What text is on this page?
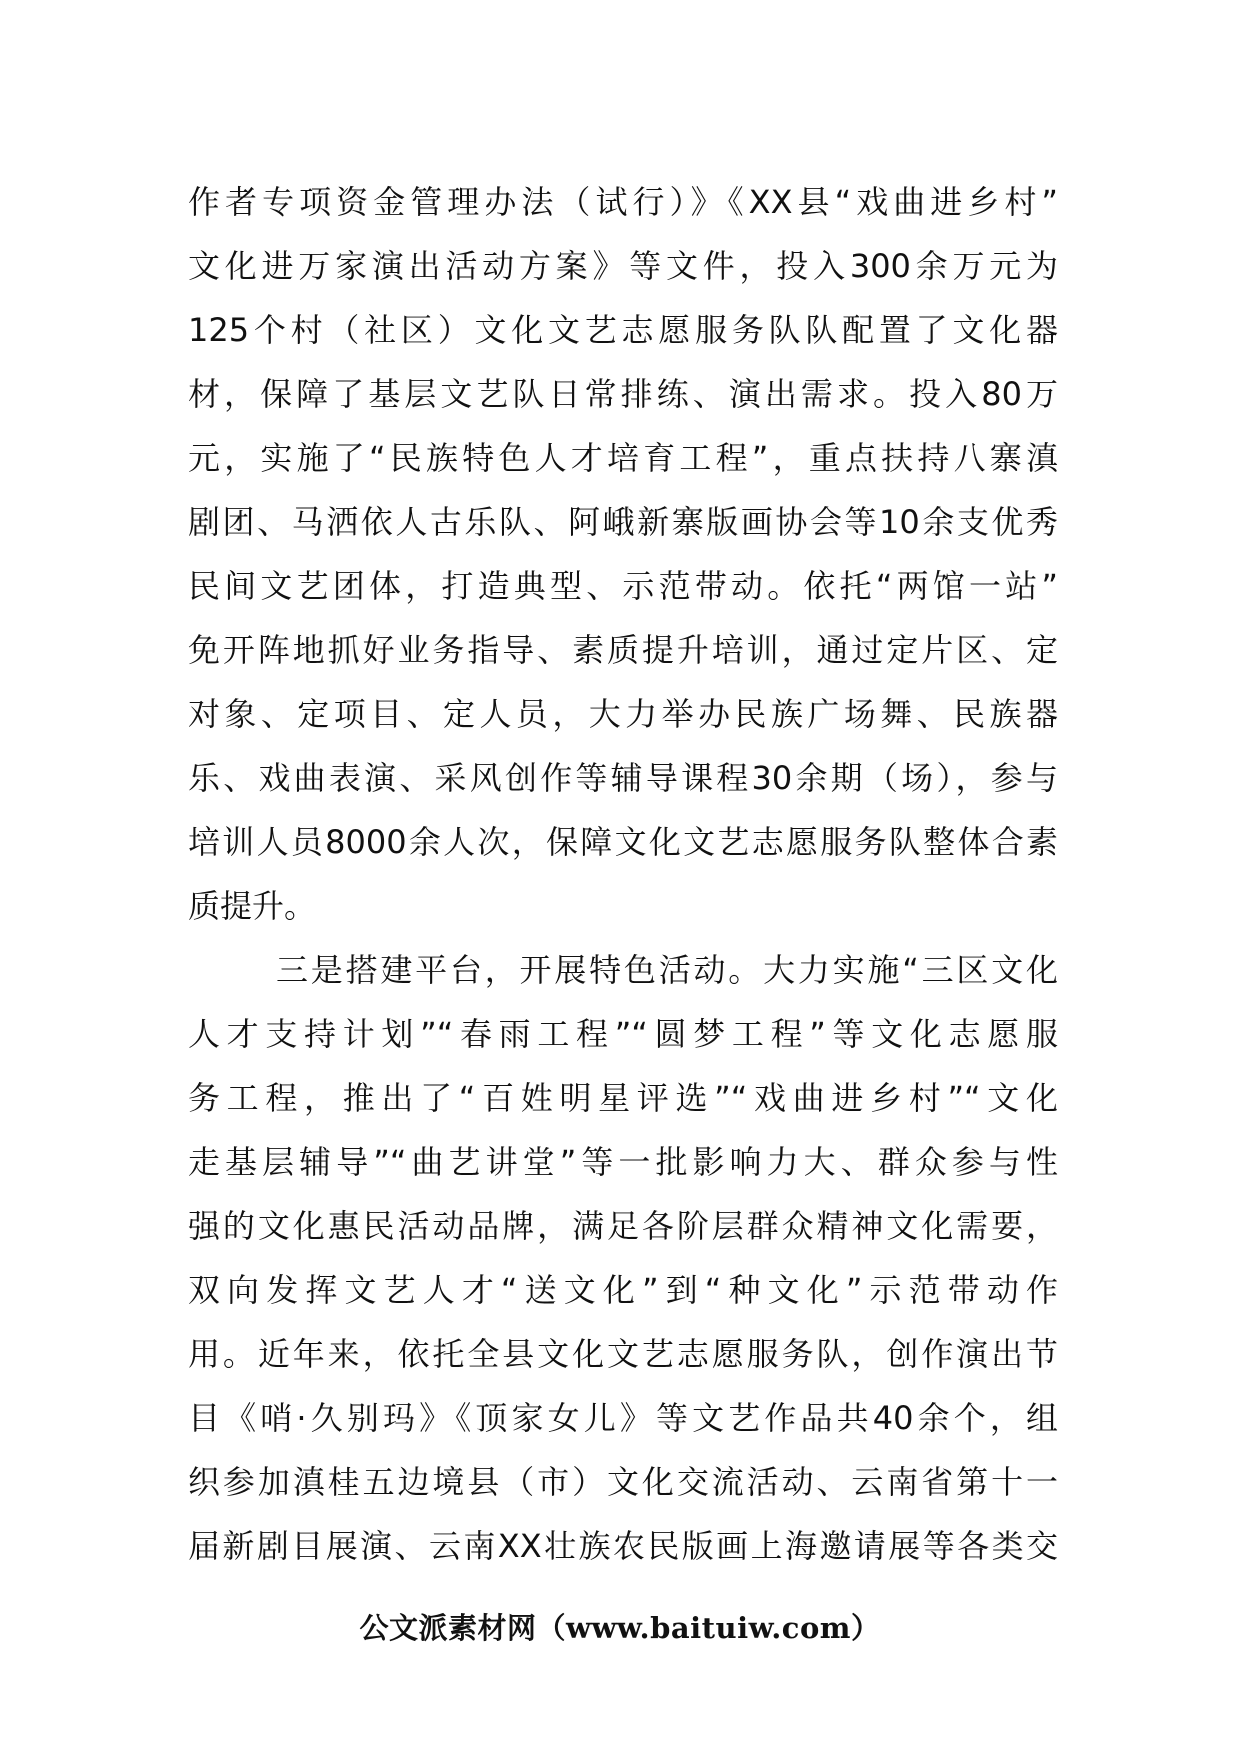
作者专项资金管理办法（试行）》《XX县“戏曲进乡村”
文化进万家演出活动方案》等文件，投入300余万元为
125个村（社区）文化文艺志愿服务队队配置了文化器
材，保障了基层文艺队日常排练、演出需求。投入80万
元，实施了“民族特色人才培育工程”，重点扶持八寨滇
剧团、马洒依人古乐队、阿峨新寨版画协会等10余支优秀
民间文艺团体，打造典型、示范带动。依托“两馆一站”
免开阵地抓好业务指导、素质提升培训，通过定片区、定
对象、定项目、定人员，大力举办民族广场舞、民族器
乐、戏曲表演、采风创作等辅导课程30余期（场），参与
培训人员8000余人次，保障文化文艺志愿服务队整体合素
质提升。
三是搭建平台，开展特色活动。大力实施“三区文化
人才支持计划”“春雨工程”“圆梦工程”等文化志愿服
务工程，推出了“百姓明星评选”“戏曲进乡村”“文化
走基层辅导”“曲艺讲堂”等一批影响力大、群众参与性
强的文化惠民活动品牌，满足各阶层群众精神文化需要，
双向发挥文艺人才“送文化”到“种文化”示范带动作
用。近年来，依托全县文化文艺志愿服务队，创作演出节
目《哨·久别玛》《顶家女儿》等文艺作品共40余个，组
织参加滇桂五边境县（市）文化交流活动、云南省第十一
届新剧目展演、云南XX壮族农民版画上海邀请展等各类交
公文派素材网（www.baituiw.com）
